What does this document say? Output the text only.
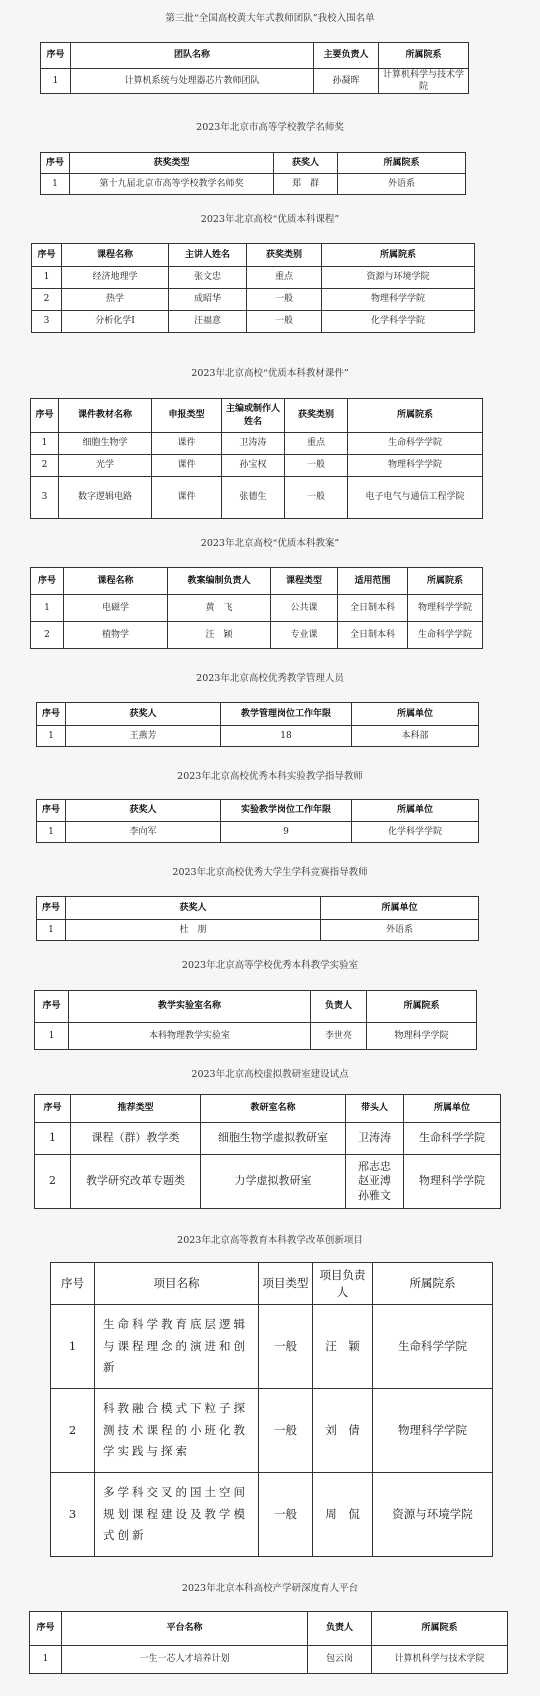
第三批“全国高校黄大年式教师团队”我校入围名单
序号	团队名称	主要负责人	所属院系
1	计算机系统与处理器芯片教师团队	孙凝晖	计算机科学与技术学院
2023年北京市高等学校教学名师奖
序号	获奖类型	获奖人	所属院系
1	第十九届北京市高等学校教学名师奖	郑　群	外语系
2023年北京高校“优质本科课程”
序号	课程名称	主讲人姓名	获奖类别	所属院系
1	经济地理学	张文忠	重点	资源与环境学院
2	热学	成昭华	一般	物理科学学院
3	分析化学Ⅰ	汪福意	一般	化学科学学院
2023年北京高校“优质本科教材课件”
序号	课件教材名称	申报类型	主编或制作人姓名	获奖类别	所属院系
1	细胞生物学	课件	卫涛涛	重点	生命科学学院
2	光学	课件	孙宝权	一般	物理科学学院
3	数字逻辑电路	课件	张德生	一般	电子电气与通信工程学院
2023年北京高校“优质本科教案”
序号	课程名称	教案编制负责人	课程类型	适用范围	所属院系
1	电磁学	黄　飞	公共课	全日制本科	物理科学学院
2	植物学	汪　颖	专业课	全日制本科	生命科学学院
2023年北京高校优秀教学管理人员
序号	获奖人	教学管理岗位工作年限	所属单位
1	王燕芳	18	本科部
2023年北京高校优秀本科实验教学指导教师
序号	获奖人	实验教学岗位工作年限	所属单位
1	李向军	9	化学科学学院
2023年北京高校优秀大学生学科竞赛指导教师
序号	获奖人	所属单位
1	杜　朋	外语系
2023年北京高等学校优秀本科教学实验室
序号	教学实验室名称	负责人	所属院系
1	本科物理教学实验室	李世亮	物理科学学院
2023年北京高校虚拟教研室建设试点
序号	推荐类型	教研室名称	带头人	所属单位
1	课程（群）教学类	细胞生物学虚拟教研室	卫涛涛	生命科学学院
2	教学研究改革专题类	力学虚拟教研室	邢志忠 赵亚溥 孙雅文	物理科学学院
2023年北京高等教育本科教学改革创新项目
序号	项目名称	项目类型	项目负责人	所属院系
1	生命科学教育底层逻辑与课程理念的演进和创新	一般	汪　颖	生命科学学院
2	科教融合模式下粒子探测技术课程的小班化教学实践与探索	一般	刘　倩	物理科学学院
3	多学科交叉的国土空间规划课程建设及教学模式创新	一般	周　侃	资源与环境学院
2023年北京本科高校产学研深度育人平台
序号	平台名称	负责人	所属院系
1	一生一芯人才培养计划	包云岗	计算机科学与技术学院
